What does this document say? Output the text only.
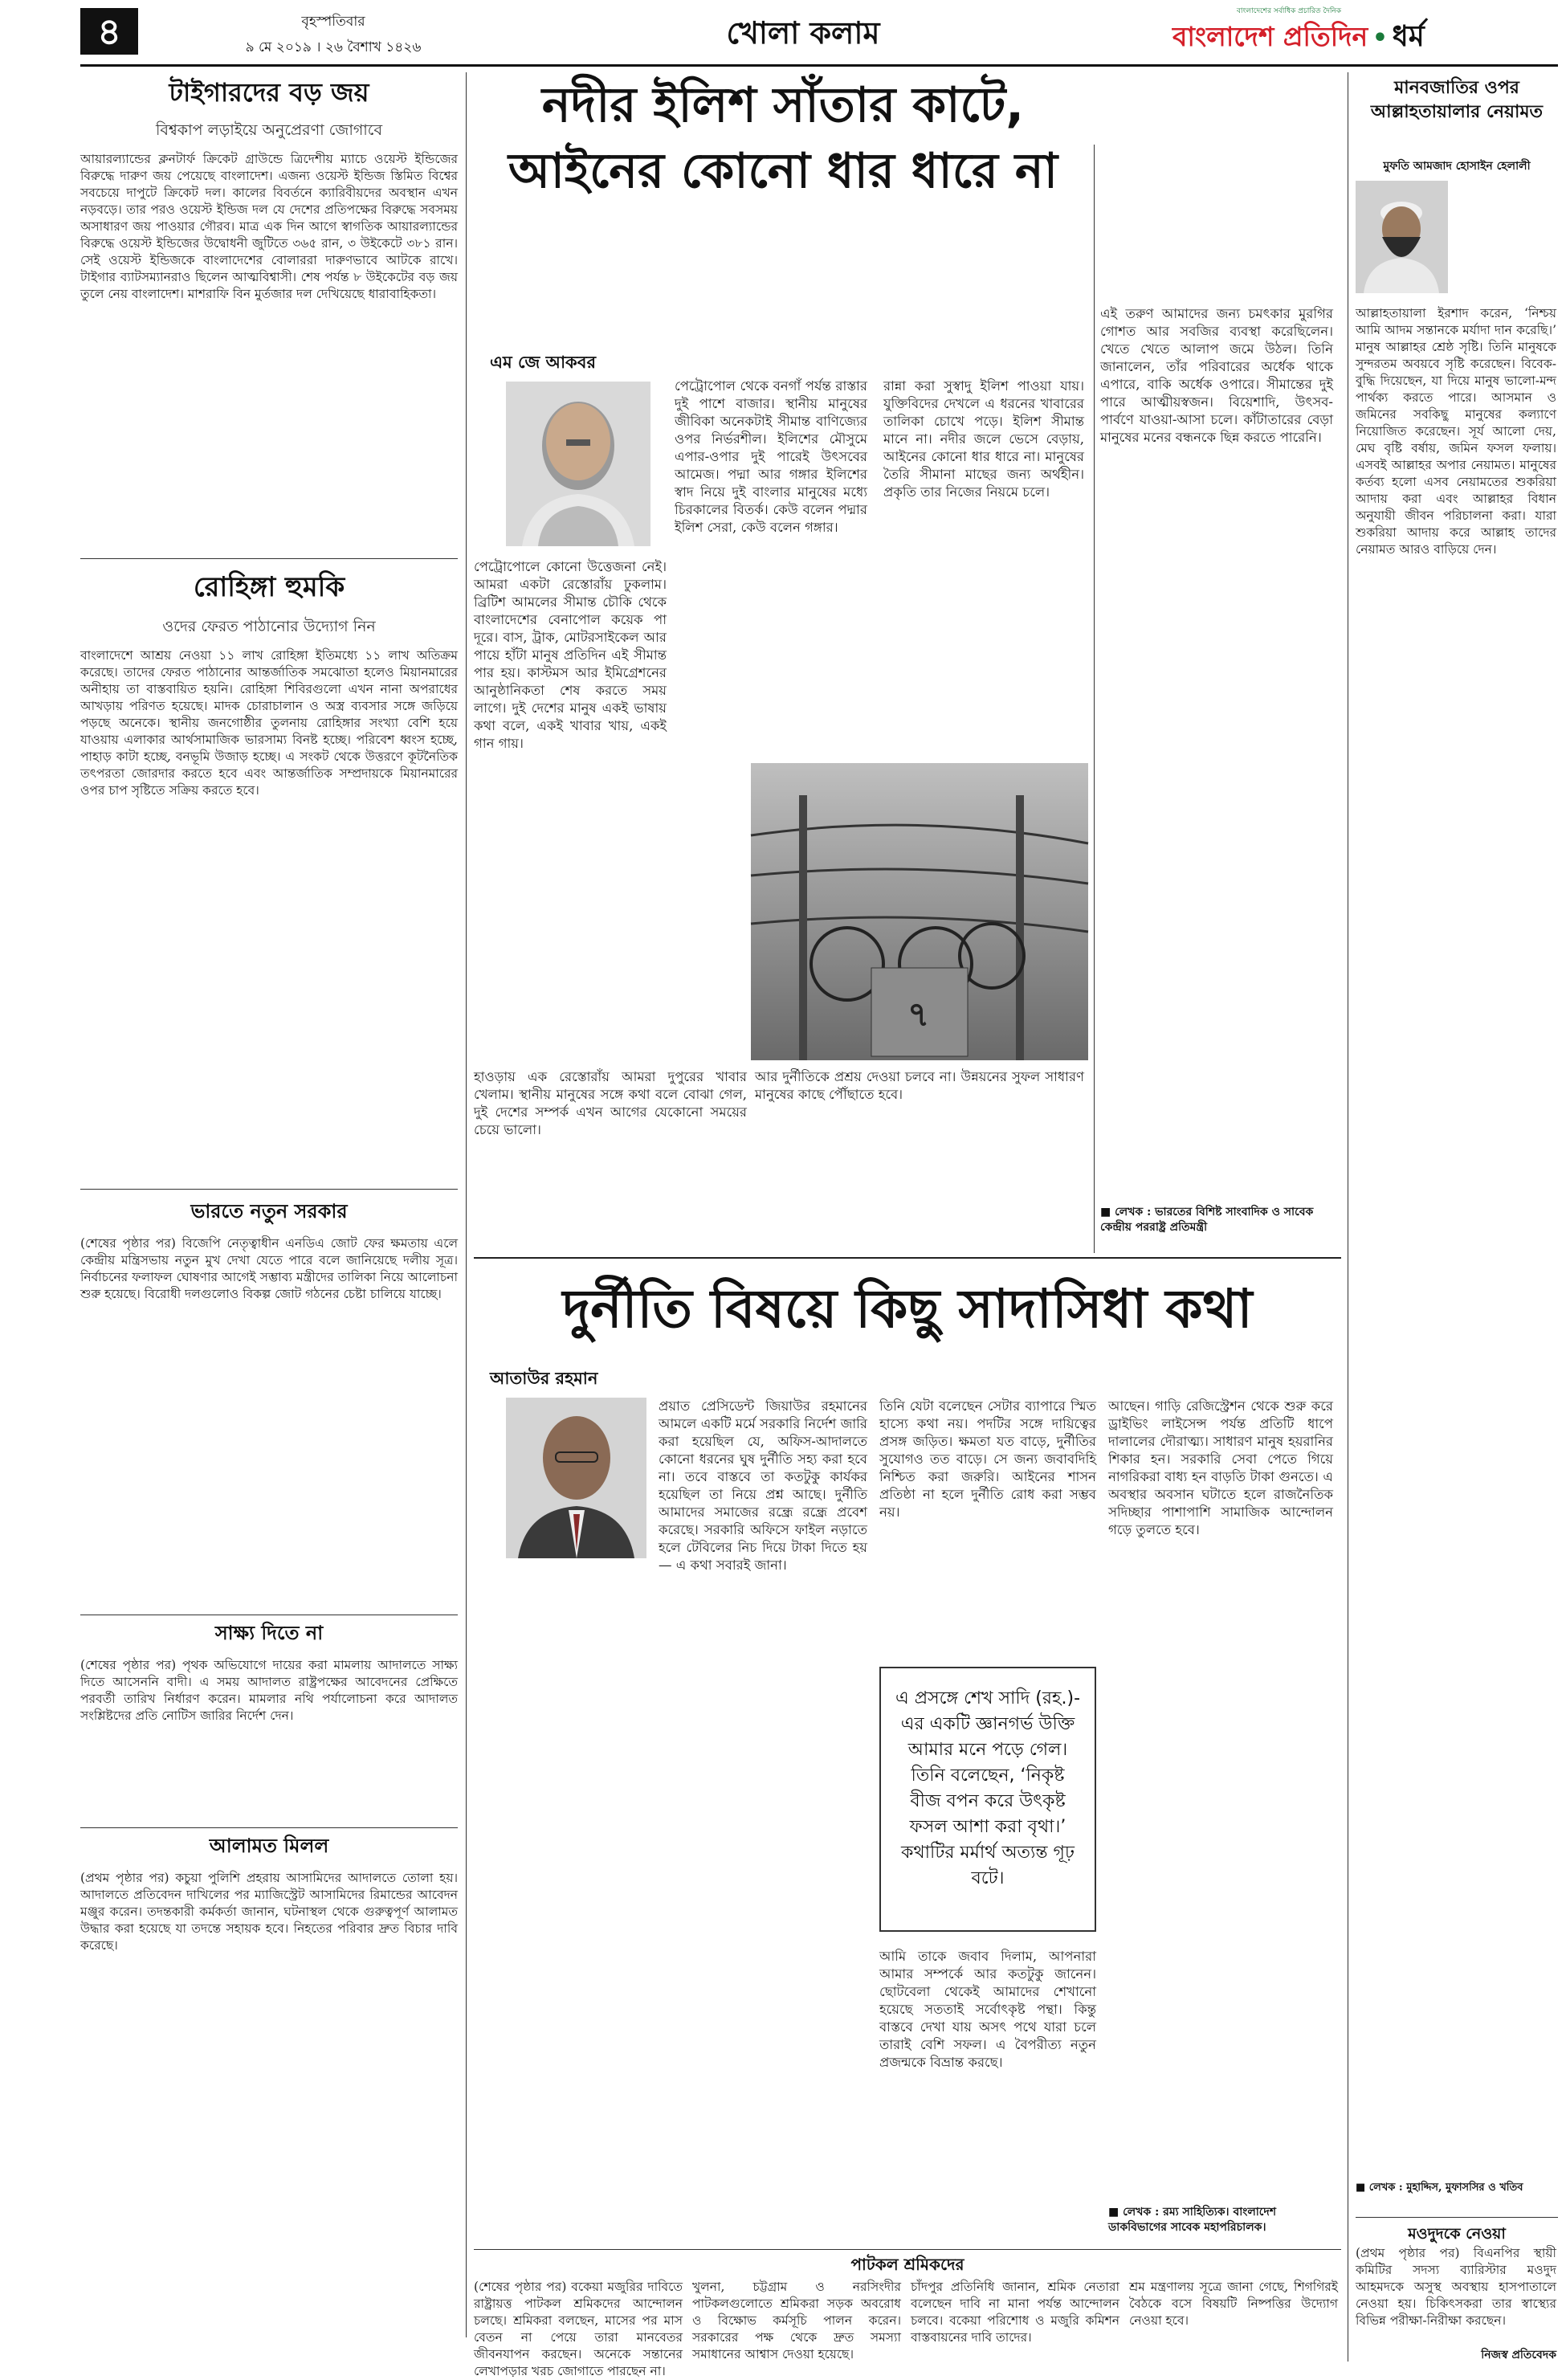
৪	বৃহস্পতিবার
৯ মে ২০১৯ । ২৬ বৈশাখ ১৪২৬	খোলা কলাম
বাংলাদেশের সর্বাধিক প্রচারিত দৈনিক
বাংলাদেশ প্রতিদিন • ধর্ম
টাইগারদের বড় জয়
বিশ্বকাপ লড়াইয়ে অনুপ্রেরণা জোগাবে
আয়ারল্যান্ডের ক্লনটার্ফ ক্রিকেট গ্রাউন্ডে ত্রিদেশীয় ম্যাচে ওয়েস্ট ইন্ডিজের বিরুদ্ধে দারুণ জয় পেয়েছে বাংলাদেশ। এজন্য ওয়েস্ট ইন্ডিজ স্তিমিত বিশ্বের সবচেয়ে দাপুটে ক্রিকেট দল। কালের বিবর্তনে ক্যারিবীয়দের অবস্থান এখন নড়বড়ে। তার পরও ওয়েস্ট ইন্ডিজ দল যে দেশের প্রতিপক্ষের বিরুদ্ধে সবসময় অসাধারণ জয় পাওয়ার গৌরব। মাত্র এক দিন আগে স্বাগতিক আয়ারল্যান্ডের বিরুদ্ধে ওয়েস্ট ইন্ডিজের উদ্বোধনী জুটিতে ৩৬৫ রান, ৩ উইকেটে ৩৮১ রান। সেই ওয়েস্ট ইন্ডিজকে বাংলাদেশের বোলাররা দারুণভাবে আটকে রাখে। টাইগার ব্যাটসম্যানরাও ছিলেন আত্মবিশ্বাসী। শেষ পর্যন্ত ৮ উইকেটের বড় জয় তুলে নেয় বাংলাদেশ। মাশরাফি বিন মুর্তজার দল দেখিয়েছে ধারাবাহিকতা।
রোহিঙ্গা হুমকি
ওদের ফেরত পাঠানোর উদ্যোগ নিন
বাংলাদেশে আশ্রয় নেওয়া ১১ লাখ রোহিঙ্গা ইতিমধ্যে ১১ লাখ অতিক্রম করেছে। তাদের ফেরত পাঠানোর আন্তর্জাতিক সমঝোতা হলেও মিয়ানমারের অনীহায় তা বাস্তবায়িত হয়নি। রোহিঙ্গা শিবিরগুলো এখন নানা অপরাধের আখড়ায় পরিণত হয়েছে। মাদক চোরাচালান ও অস্ত্র ব্যবসার সঙ্গে জড়িয়ে পড়ছে অনেকে। স্থানীয় জনগোষ্ঠীর তুলনায় রোহিঙ্গার সংখ্যা বেশি হয়ে যাওয়ায় এলাকার আর্থসামাজিক ভারসাম্য বিনষ্ট হচ্ছে। পরিবেশ ধ্বংস হচ্ছে, পাহাড় কাটা হচ্ছে, বনভূমি উজাড় হচ্ছে। এ সংকট থেকে উত্তরণে কূটনৈতিক তৎপরতা জোরদার করতে হবে এবং আন্তর্জাতিক সম্প্রদায়কে মিয়ানমারের ওপর চাপ সৃষ্টিতে সক্রিয় করতে হবে।
ভারতে নতুন সরকার
(শেষের পৃষ্ঠার পর) বিজেপি নেতৃত্বাধীন এনডিএ জোট ফের ক্ষমতায় এলে কেন্দ্রীয় মন্ত্রিসভায় নতুন মুখ দেখা যেতে পারে বলে জানিয়েছে দলীয় সূত্র। নির্বাচনের ফলাফল ঘোষণার আগেই সম্ভাব্য মন্ত্রীদের তালিকা নিয়ে আলোচনা শুরু হয়েছে। বিরোধী দলগুলোও বিকল্প জোট গঠনের চেষ্টা চালিয়ে যাচ্ছে।
সাক্ষ্য দিতে না
(শেষের পৃষ্ঠার পর) পৃথক অভিযোগে দায়ের করা মামলায় আদালতে সাক্ষ্য দিতে আসেননি বাদী। এ সময় আদালত রাষ্ট্রপক্ষের আবেদনের প্রেক্ষিতে পরবর্তী তারিখ নির্ধারণ করেন। মামলার নথি পর্যালোচনা করে আদালত সংশ্লিষ্টদের প্রতি নোটিস জারির নির্দেশ দেন।
আলামত মিলল
(প্রথম পৃষ্ঠার পর) কচুয়া পুলিশি প্রহরায় আসামিদের আদালতে তোলা হয়। আদালতে প্রতিবেদন দাখিলের পর ম্যাজিস্ট্রেট আসামিদের রিমান্ডের আবেদন মঞ্জুর করেন। তদন্তকারী কর্মকর্তা জানান, ঘটনাস্থল থেকে গুরুত্বপূর্ণ আলামত উদ্ধার করা হয়েছে যা তদন্তে সহায়ক হবে। নিহতের পরিবার দ্রুত বিচার দাবি করেছে।
নদীর ইলিশ সাঁতার কাটে, আইনের কোনো ধার ধারে না
এম জে আকবর
পেট্রোপোলে কোনো উত্তেজনা নেই। আমরা একটা রেস্তোরাঁয় ঢুকলাম। ব্রিটিশ আমলের সীমান্ত চৌকি থেকে বাংলাদেশের বেনাপোল কয়েক পা দূরে। বাস, ট্রাক, মোটরসাইকেল আর পায়ে হাঁটা মানুষ প্রতিদিন এই সীমান্ত পার হয়। কাস্টমস আর ইমিগ্রেশনের আনুষ্ঠানিকতা শেষ করতে সময় লাগে। দুই দেশের মানুষ একই ভাষায় কথা বলে, একই খাবার খায়, একই গান গায়।
পেট্রোপোল থেকে বনগাঁ পর্যন্ত রাস্তার দুই পাশে বাজার। স্থানীয় মানুষের জীবিকা অনেকটাই সীমান্ত বাণিজ্যের ওপর নির্ভরশীল। ইলিশের মৌসুমে এপার-ওপার দুই পারেই উৎসবের আমেজ। পদ্মা আর গঙ্গার ইলিশের স্বাদ নিয়ে দুই বাংলার মানুষের মধ্যে চিরকালের বিতর্ক। কেউ বলেন পদ্মার ইলিশ সেরা, কেউ বলেন গঙ্গার।
রান্না করা সুস্বাদু ইলিশ পাওয়া যায়। যুক্তিবিদের দেখলে এ ধরনের খাবারের তালিকা চোখে পড়ে। ইলিশ সীমান্ত মানে না। নদীর জলে ভেসে বেড়ায়, আইনের কোনো ধার ধারে না। মানুষের তৈরি সীমানা মাছের জন্য অর্থহীন। প্রকৃতি তার নিজের নিয়মে চলে।
৭
হাওড়ায় এক রেস্তোরাঁয় আমরা দুপুরের খাবার খেলাম। স্থানীয় মানুষের সঙ্গে কথা বলে বোঝা গেল, দুই দেশের সম্পর্ক এখন আগের যেকোনো সময়ের চেয়ে ভালো।
আর দুর্নীতিকে প্রশ্রয় দেওয়া চলবে না। উন্নয়নের সুফল সাধারণ মানুষের কাছে পৌঁছাতে হবে।
এই তরুণ আমাদের জন্য চমৎকার মুরগির গোশত আর সবজির ব্যবস্থা করেছিলেন। খেতে খেতে আলাপ জমে উঠল। তিনি জানালেন, তাঁর পরিবারের অর্ধেক থাকে এপারে, বাকি অর্ধেক ওপারে। সীমান্তের দুই পারে আত্মীয়স্বজন। বিয়েশাদি, উৎসব-পার্বণে যাওয়া-আসা চলে। কাঁটাতারের বেড়া মানুষের মনের বন্ধনকে ছিন্ন করতে পারেনি।
■ লেখক : ভারতের বিশিষ্ট সাংবাদিক ও সাবেক কেন্দ্রীয় পররাষ্ট্র প্রতিমন্ত্রী
দুর্নীতি বিষয়ে কিছু সাদাসিধা কথা
আতাউর রহমান
প্রয়াত প্রেসিডেন্ট জিয়াউর রহমানের আমলে একটি মর্মে সরকারি নির্দেশ জারি করা হয়েছিল যে, অফিস-আদালতে কোনো ধরনের ঘুষ দুর্নীতি সহ্য করা হবে না। তবে বাস্তবে তা কতটুকু কার্যকর হয়েছিল তা নিয়ে প্রশ্ন আছে। দুর্নীতি আমাদের সমাজের রন্ধ্রে রন্ধ্রে প্রবেশ করেছে। সরকারি অফিসে ফাইল নড়াতে হলে টেবিলের নিচ দিয়ে টাকা দিতে হয় — এ কথা সবারই জানা।
তিনি যেটা বলেছেন সেটার ব্যাপারে স্মিত হাস্যে কথা নয়। পদটির সঙ্গে দায়িত্বের প্রসঙ্গ জড়িত। ক্ষমতা যত বাড়ে, দুর্নীতির সুযোগও তত বাড়ে। সে জন্য জবাবদিহি নিশ্চিত করা জরুরি। আইনের শাসন প্রতিষ্ঠা না হলে দুর্নীতি রোধ করা সম্ভব নয়।
এ প্রসঙ্গে শেখ সাদি (রহ.)-এর একটি জ্ঞানগর্ভ উক্তি আমার মনে পড়ে গেল। তিনি বলেছেন, ‘নিকৃষ্ট বীজ বপন করে উৎকৃষ্ট ফসল আশা করা বৃথা।’ কথাটির মর্মার্থ অত্যন্ত গূঢ় বটে।
আমি তাকে জবাব দিলাম, আপনারা আমার সম্পর্কে আর কতটুকু জানেন। ছোটবেলা থেকেই আমাদের শেখানো হয়েছে সততাই সর্বোৎকৃষ্ট পন্থা। কিন্তু বাস্তবে দেখা যায় অসৎ পথে যারা চলে তারাই বেশি সফল। এ বৈপরীত্য নতুন প্রজন্মকে বিভ্রান্ত করছে।
আছেন। গাড়ি রেজিস্ট্রেশন থেকে শুরু করে ড্রাইভিং লাইসেন্স পর্যন্ত প্রতিটি ধাপে দালালের দৌরাত্ম্য। সাধারণ মানুষ হয়রানির শিকার হন। সরকারি সেবা পেতে গিয়ে নাগরিকরা বাধ্য হন বাড়তি টাকা গুনতে। এ অবস্থার অবসান ঘটাতে হলে রাজনৈতিক সদিচ্ছার পাশাপাশি সামাজিক আন্দোলন গড়ে তুলতে হবে।
■ লেখক : রম্য সাহিত্যিক। বাংলাদেশ ডাকবিভাগের সাবেক মহাপরিচালক।
পাটকল শ্রমিকদের
(শেষের পৃষ্ঠার পর) বকেয়া মজুরির দাবিতে রাষ্ট্রায়ত্ত পাটকল শ্রমিকদের আন্দোলন চলছে। শ্রমিকরা বলছেন, মাসের পর মাস বেতন না পেয়ে তারা মানবেতর জীবনযাপন করছেন। অনেকে সন্তানের লেখাপড়ার খরচ জোগাতে পারছেন না।
খুলনা, চট্টগ্রাম ও নরসিংদীর পাটকলগুলোতে শ্রমিকরা সড়ক অবরোধ ও বিক্ষোভ কর্মসূচি পালন করেন। সরকারের পক্ষ থেকে দ্রুত সমস্যা সমাধানের আশ্বাস দেওয়া হয়েছে।
চাঁদপুর প্রতিনিধি জানান, শ্রমিক নেতারা বলেছেন দাবি না মানা পর্যন্ত আন্দোলন চলবে। বকেয়া পরিশোধ ও মজুরি কমিশন বাস্তবায়নের দাবি তাদের।
শ্রম মন্ত্রণালয় সূত্রে জানা গেছে, শিগগিরই বৈঠকে বসে বিষয়টি নিষ্পত্তির উদ্যোগ নেওয়া হবে।
মানবজাতির ওপর আল্লাহতায়ালার নেয়ামত
মুফতি আমজাদ হোসাইন হেলালী
আল্লাহতায়ালা ইরশাদ করেন, ‘নিশ্চয় আমি আদম সন্তানকে মর্যাদা দান করেছি।’ মানুষ আল্লাহর শ্রেষ্ঠ সৃষ্টি। তিনি মানুষকে সুন্দরতম অবয়বে সৃষ্টি করেছেন। বিবেক-বুদ্ধি দিয়েছেন, যা দিয়ে মানুষ ভালো-মন্দ পার্থক্য করতে পারে। আসমান ও জমিনের সবকিছু মানুষের কল্যাণে নিয়োজিত করেছেন। সূর্য আলো দেয়, মেঘ বৃষ্টি বর্ষায়, জমিন ফসল ফলায়। এসবই আল্লাহর অপার নেয়ামত। মানুষের কর্তব্য হলো এসব নেয়ামতের শুকরিয়া আদায় করা এবং আল্লাহর বিধান অনুযায়ী জীবন পরিচালনা করা। যারা শুকরিয়া আদায় করে আল্লাহ তাদের নেয়ামত আরও বাড়িয়ে দেন।
■ লেখক : মুহাদ্দিস, মুফাসসির ও খতিব
মওদুদকে নেওয়া
(প্রথম পৃষ্ঠার পর) বিএনপির স্থায়ী কমিটির সদস্য ব্যারিস্টার মওদুদ আহমদকে অসুস্থ অবস্থায় হাসপাতালে নেওয়া হয়। চিকিৎসকরা তার স্বাস্থ্যের বিভিন্ন পরীক্ষা-নিরীক্ষা করছেন।
নিজস্ব প্রতিবেদক
